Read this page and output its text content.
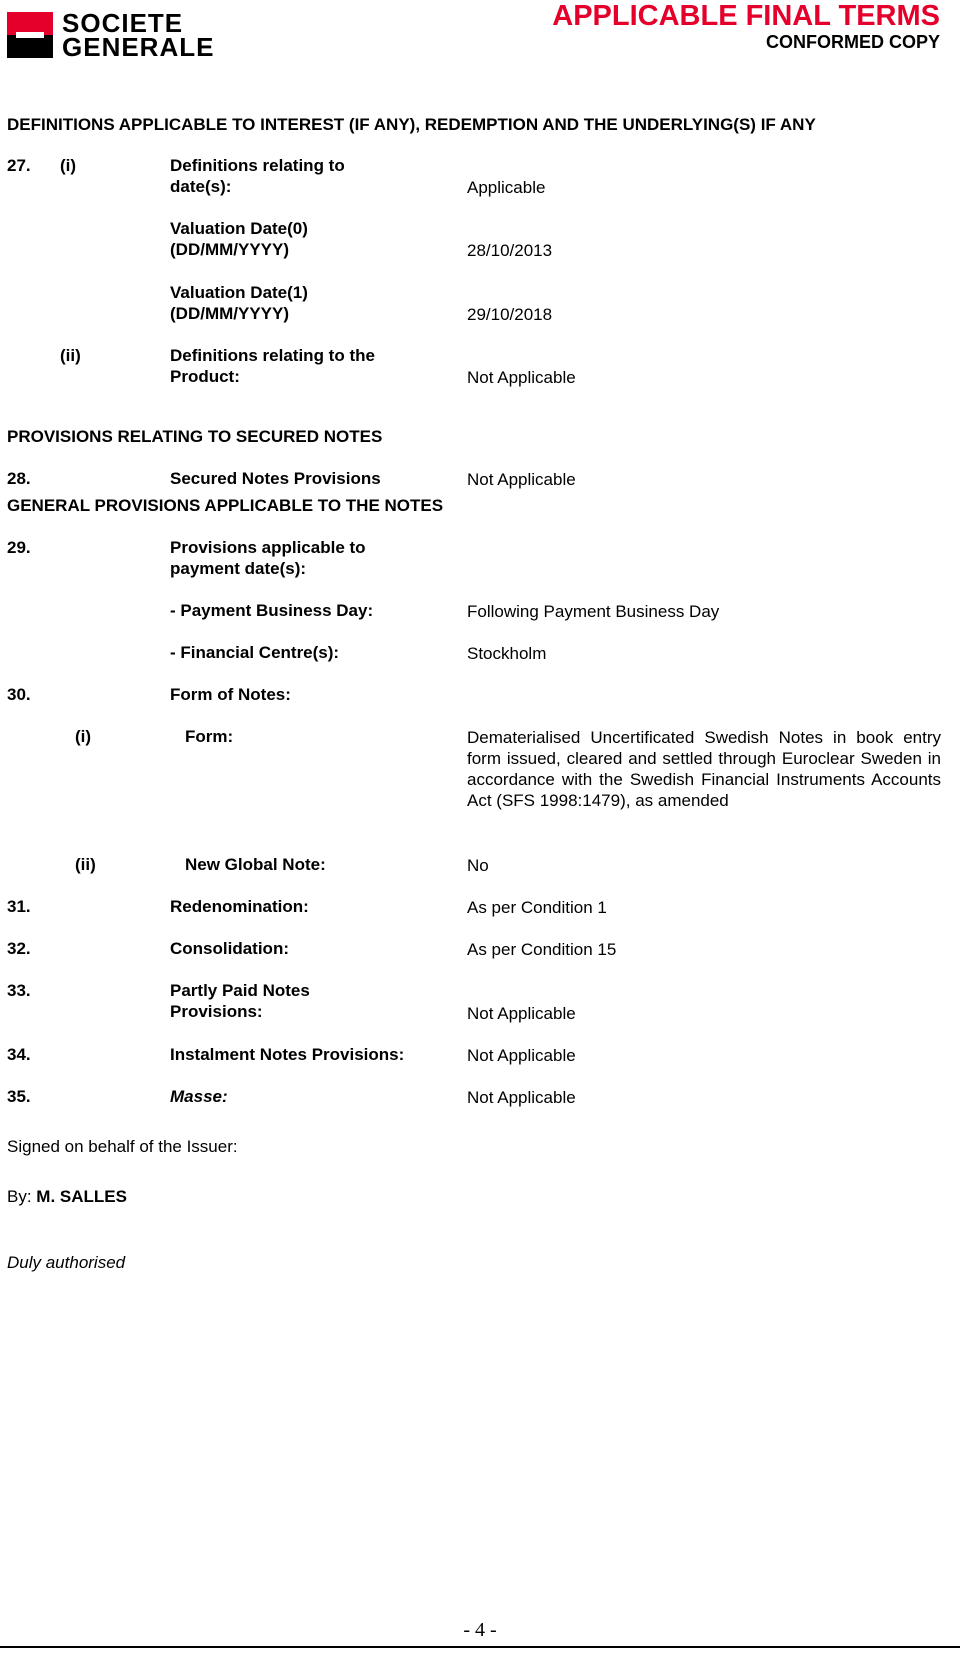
SOCIETE
GENERALE
APPLICABLE FINAL TERMS
CONFORMED COPY
DEFINITIONS APPLICABLE TO INTEREST (IF ANY), REDEMPTION AND THE UNDERLYING(S) IF ANY
27. (i)	Definitions relating to
date(s):	Applicable
Valuation Date(0)
(DD/MM/YYYY)	28/10/2013
Valuation Date(1)
(DD/MM/YYYY)	29/10/2018
(ii)	Definitions relating to the
Product:	Not Applicable
PROVISIONS RELATING TO SECURED NOTES
28.	Secured Notes Provisions	Not Applicable
GENERAL PROVISIONS APPLICABLE TO THE NOTES
29.	Provisions applicable to
payment date(s):
- Payment Business Day:	Following Payment Business Day
- Financial Centre(s):	Stockholm
30.	Form of Notes:
(i)	Form:	Dematerialised Uncertificated Swedish Notes in book entry form issued, cleared and settled through Euroclear Sweden in accordance with the Swedish Financial Instruments Accounts Act (SFS 1998:1479), as amended
(ii)	New Global Note:	No
31.	Redenomination:	As per Condition 1
32.	Consolidation:	As per Condition 15
33.	Partly Paid Notes
Provisions:	Not Applicable
34.	Instalment Notes Provisions:	Not Applicable
35.	Masse:	Not Applicable
Signed on behalf of the Issuer:
By: M. SALLES
Duly authorised
- 4 -
